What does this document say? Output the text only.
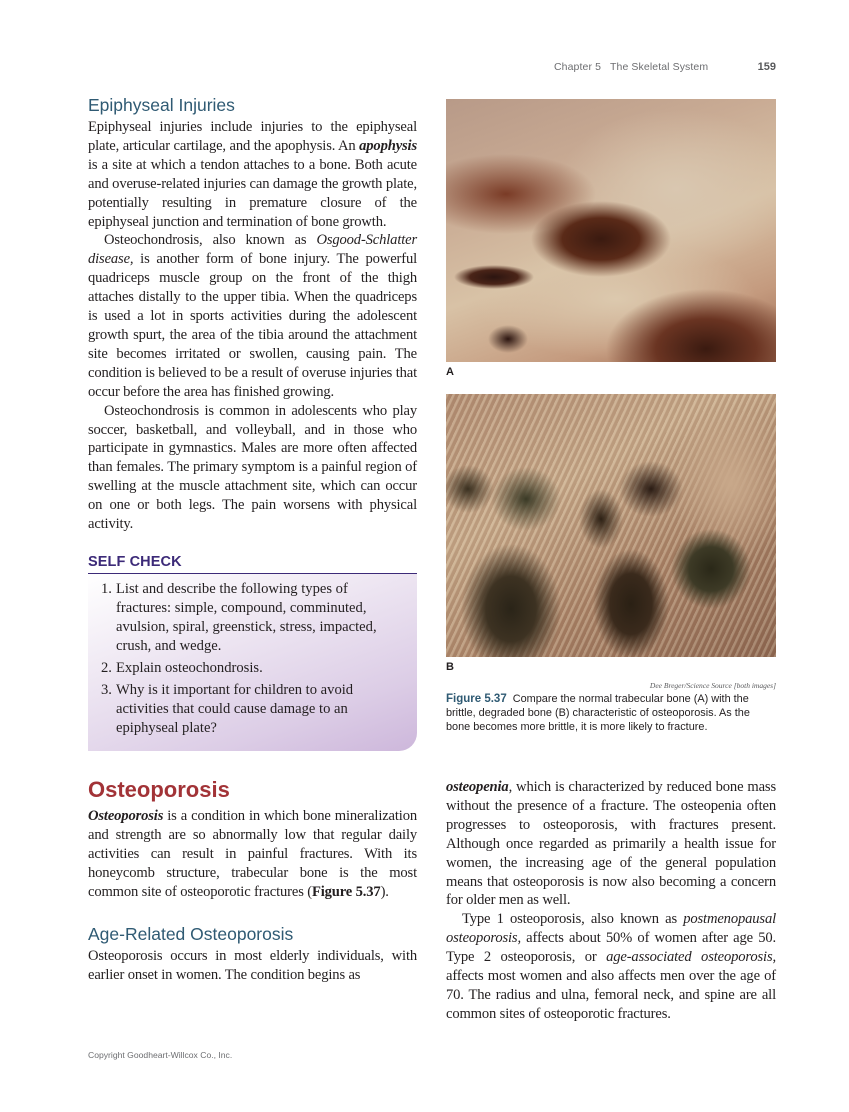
Chapter 5 The Skeletal System	159
Epiphyseal Injuries

Epiphyseal injuries include injuries to the epiphyseal plate, articular cartilage, and the apophysis. An apophysis is a site at which a tendon attaches to a bone. Both acute and overuse-related injuries can damage the growth plate, potentially resulting in premature closure of the epiphyseal junction and termination of bone growth.

Osteochondrosis, also known as Osgood-Schlatter disease, is another form of bone injury. The powerful quadriceps muscle group on the front of the thigh attaches distally to the upper tibia. When the quadriceps is used a lot in sports activities during the adolescent growth spurt, the area of the tibia around the attachment site becomes irritated or swollen, causing pain. The condition is believed to be a result of overuse injuries that occur before the area has finished growing.

Osteochondrosis is common in adolescents who play soccer, basketball, and volleyball, and in those who participate in gymnastics. Males are more often affected than females. The primary symptom is a painful region of swelling at the muscle attachment site, which can occur on one or both legs. The pain worsens with physical activity.

SELF CHECK
1. List and describe the following types of fractures: simple, compound, comminuted, avulsion, spiral, greenstick, stress, impacted, crush, and wedge.
2. Explain osteochondrosis.
3. Why is it important for children to avoid activities that could cause damage to an epiphyseal plate?
Osteoporosis

Osteoporosis is a condition in which bone mineralization and strength are so abnormally low that regular daily activities can result in painful fractures. With its honeycomb structure, trabecular bone is the most common site of osteoporotic fractures (Figure 5.37).

Age-Related Osteoporosis

Osteoporosis occurs in most elderly individuals, with earlier onset in women. The condition begins as

A
B
Dee Breger/Science Source [both images]
Figure 5.37 Compare the normal trabecular bone (A) with the brittle, degraded bone (B) characteristic of osteoporosis. As the bone becomes more brittle, it is more likely to fracture.

osteopenia, which is characterized by reduced bone mass without the presence of a fracture. The osteopenia often progresses to osteoporosis, with fractures present. Although once regarded as primarily a health issue for women, the increasing age of the general population means that osteoporosis is now also becoming a concern for older men as well.

Type 1 osteoporosis, also known as postmenopausal osteoporosis, affects about 50% of women after age 50. Type 2 osteoporosis, or age-associated osteoporosis, affects most women and also affects men over the age of 70. The radius and ulna, femoral neck, and spine are all common sites of osteoporotic fractures.

Copyright Goodheart-Willcox Co., Inc.
